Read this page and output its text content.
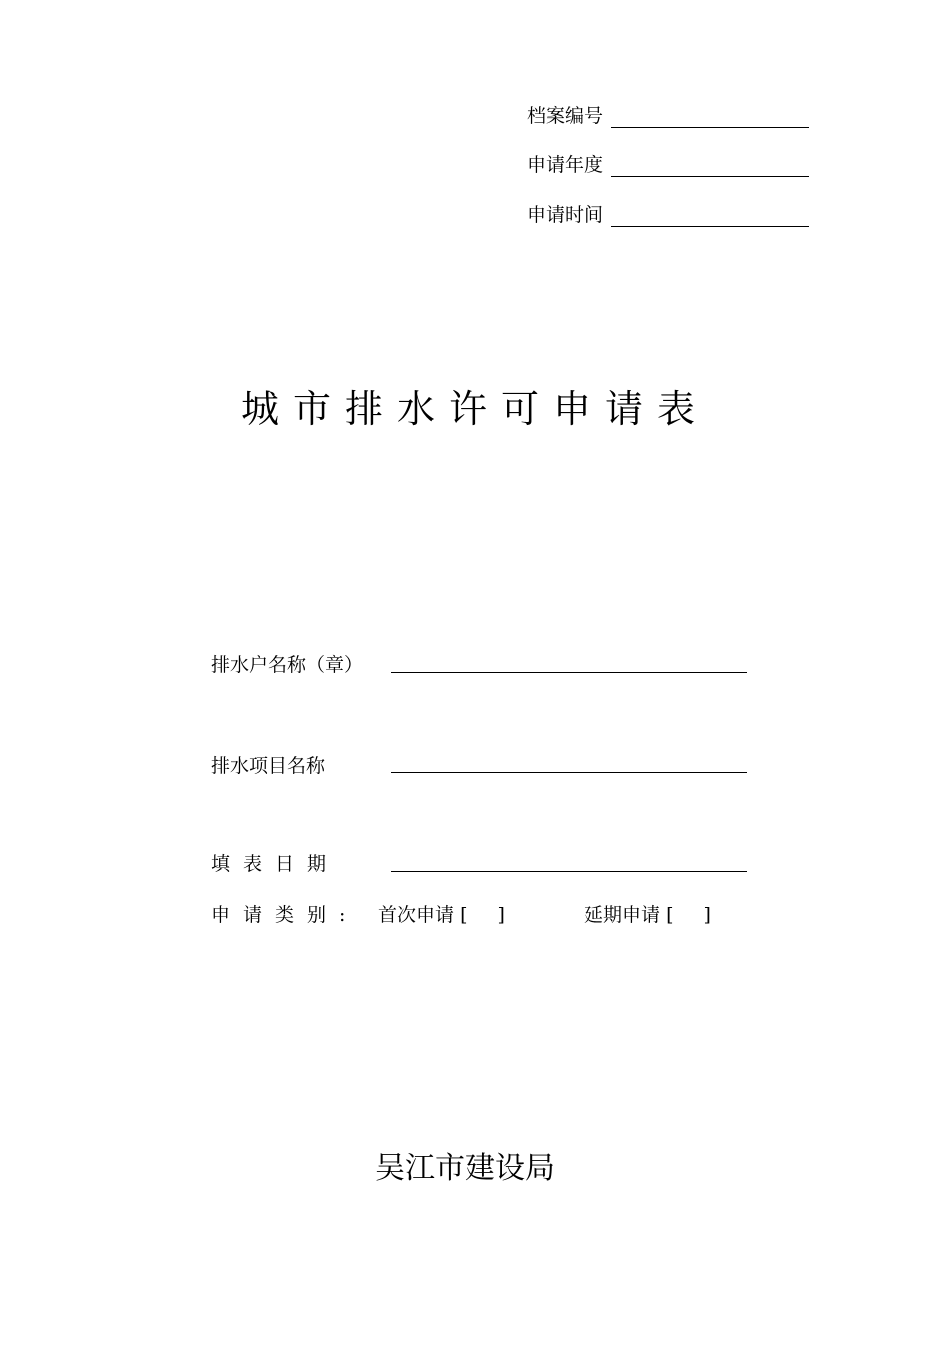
档案编号
申请年度
申请时间
城市排水许可申请表
排水户名称（章）
排水项目名称
填表日期
申请类别: 首次申请 [ ]	延期申请 [ ]
吴江市建设局
